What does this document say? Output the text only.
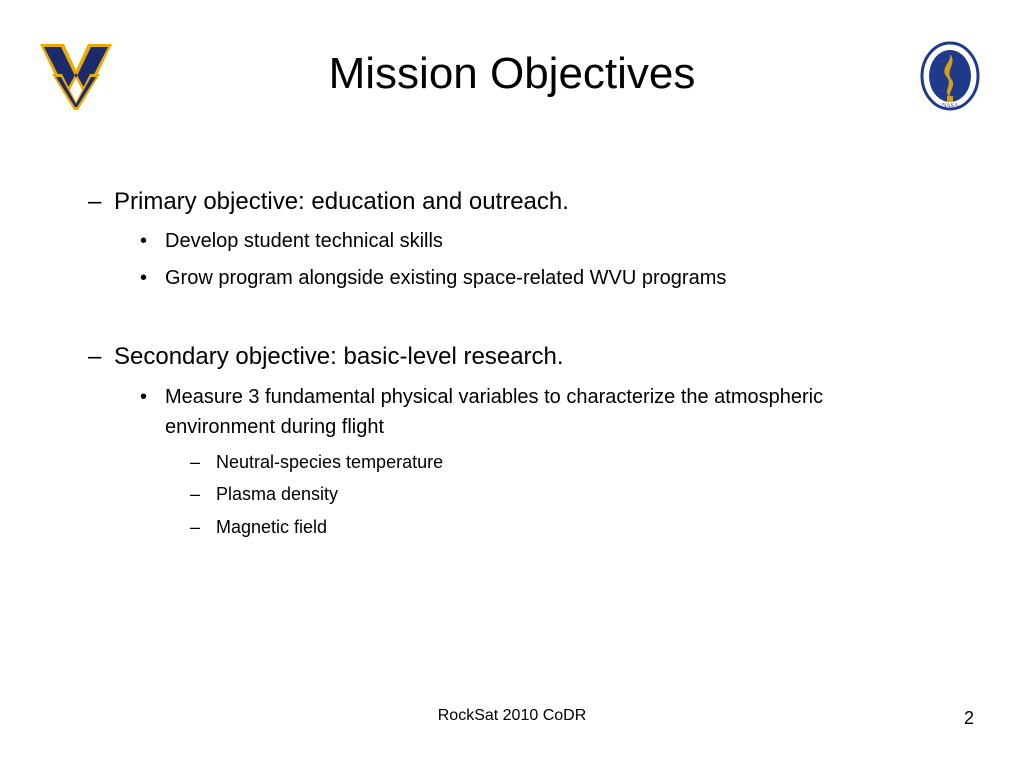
Mission Objectives
NASA
– Primary objective: education and outreach.
• Develop student technical skills
• Grow program alongside existing space-related WVU programs
– Secondary objective: basic-level research.
• Measure 3 fundamental physical variables to characterize the atmospheric environment during flight
– Neutral-species temperature
– Plasma density
– Magnetic field
RockSat 2010 CoDR	2
